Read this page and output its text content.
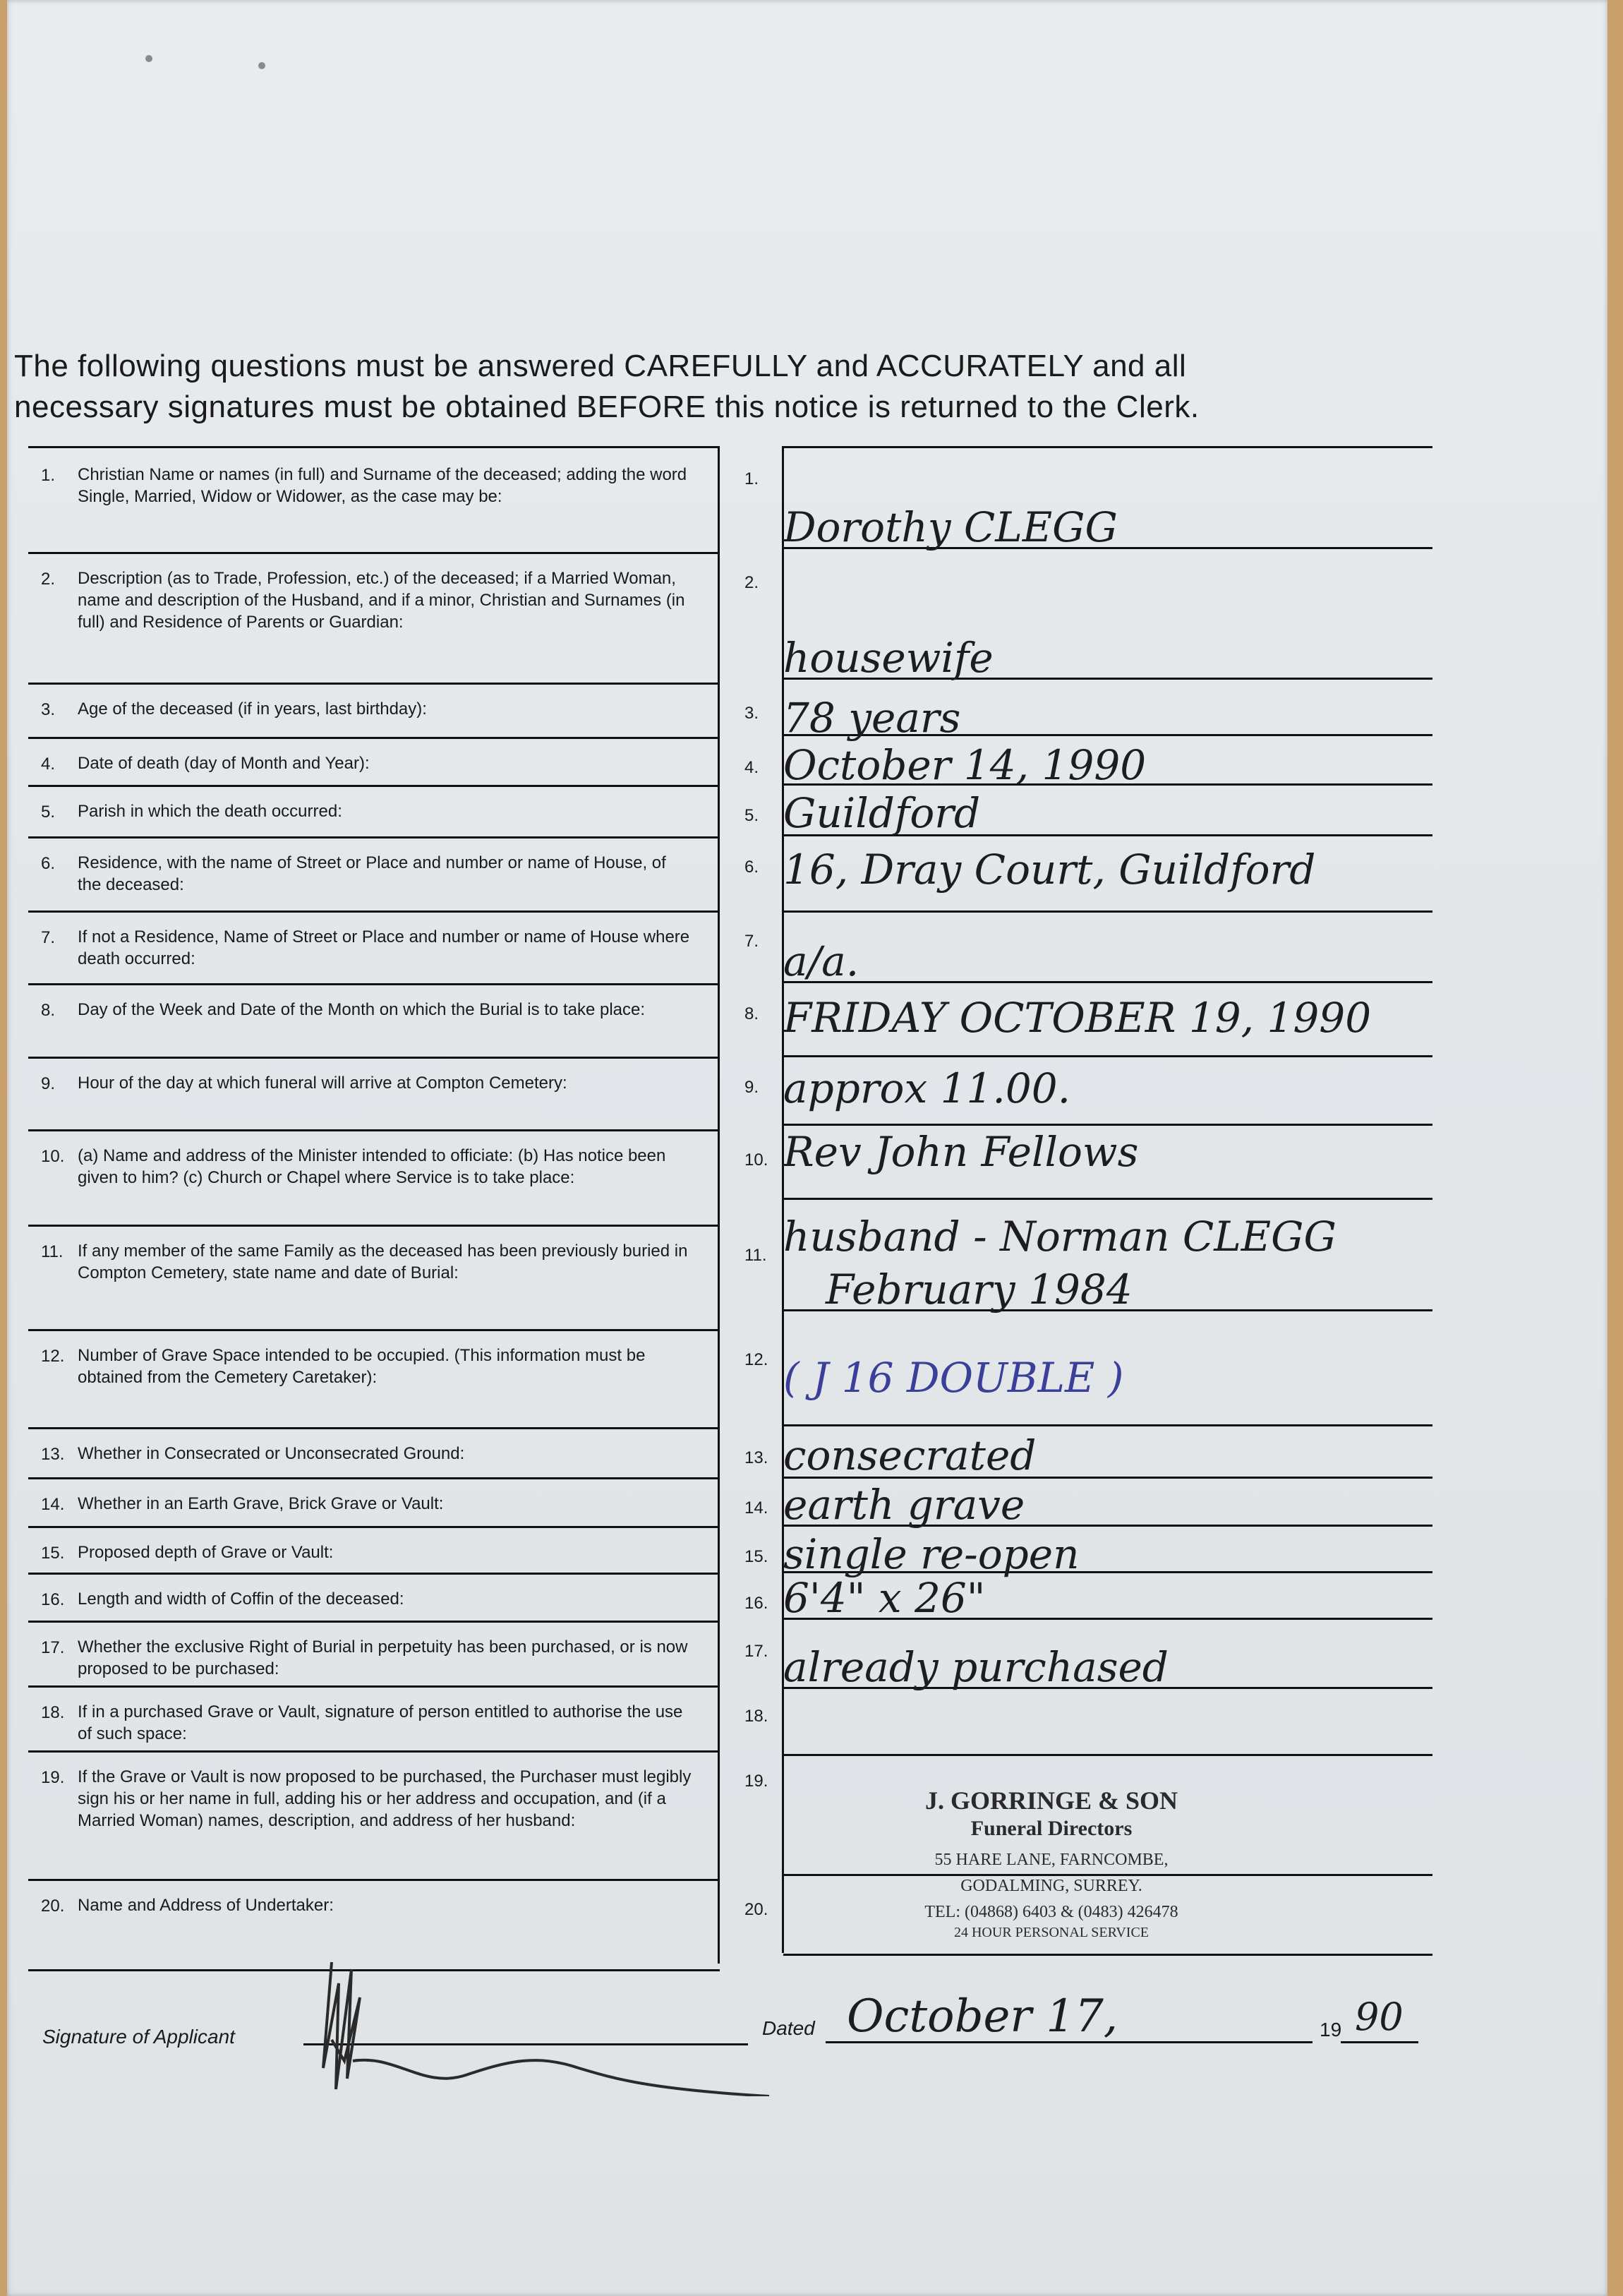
The following questions must be answered CAREFULLY and ACCURATELY and all
necessary signatures must be obtained BEFORE this notice is returned to the Clerk.
1.	Christian Name or names (in full) and Surname of the deceased; adding the word Single, Married, Widow or Widower, as the case may be:
1.
Dorothy CLEGG
2.	Description (as to Trade, Profession, etc.) of the deceased; if a Married Woman, name and description of the Husband, and if a minor, Christian and Surnames (in full) and Residence of Parents or Guardian:
2.
housewife
3.	Age of the deceased (if in years, last birthday):	3. 78 years
4.	Date of death (day of Month and Year):	4. October 14, 1990
5.	Parish in which the death occurred:	5. Guildford
6.	Residence, with the name of Street or Place and number or name of House, of the deceased:
6. 16, Dray Court, Guildford
7.	If not a Residence, Name of Street or Place and number or name of House where death occurred:
7. a/a.
8.	Day of the Week and Date of the Month on which the Burial is to take place:	8. FRIDAY OCTOBER 19, 1990
9.	Hour of the day at which funeral will arrive at Compton Cemetery:	9. approx 11.00.
10. (a) Name and address of the Minister intended to officiate: (b) Has notice been given to him? (c) Church or Chapel where Service is to take place:
10. Rev John Fellows
11. If any member of the same Family as the deceased has been previously buried in Compton Cemetery, state name and date of Burial:
11. husband - Norman CLEGG
February 1984
12. Number of Grave Space intended to be occupied. (This information must be obtained from the Cemetery Caretaker):
12. ( J 16 DOUBLE )
13. Whether in Consecrated or Unconsecrated Ground:	13. consecrated
14. Whether in an Earth Grave, Brick Grave or Vault:	14. earth grave
15. Proposed depth of Grave or Vault:	15. single re-open
16. Length and width of Coffin of the deceased:	16. 6'4" x 26"
17. Whether the exclusive Right of Burial in perpetuity has been purchased, or is now proposed to be purchased:
17. already purchased
18. If in a purchased Grave or Vault, signature of person entitled to authorise the use of such space:
18.
19. If the Grave or Vault is now proposed to be purchased, the Purchaser must legibly sign his or her name in full, adding his or her address and occupation, and (if a Married Woman) names, description, and address of her husband:
19.
20. Name and Address of Undertaker:	20.
J. GORRINGE & SON
Funeral Directors
55 HARE LANE, FARNCOMBE,
GODALMING, SURREY.
TEL: (04868) 6403 & (0483) 426478
24 HOUR PERSONAL SERVICE
Signature of Applicant	Dated October 17,	19 90
